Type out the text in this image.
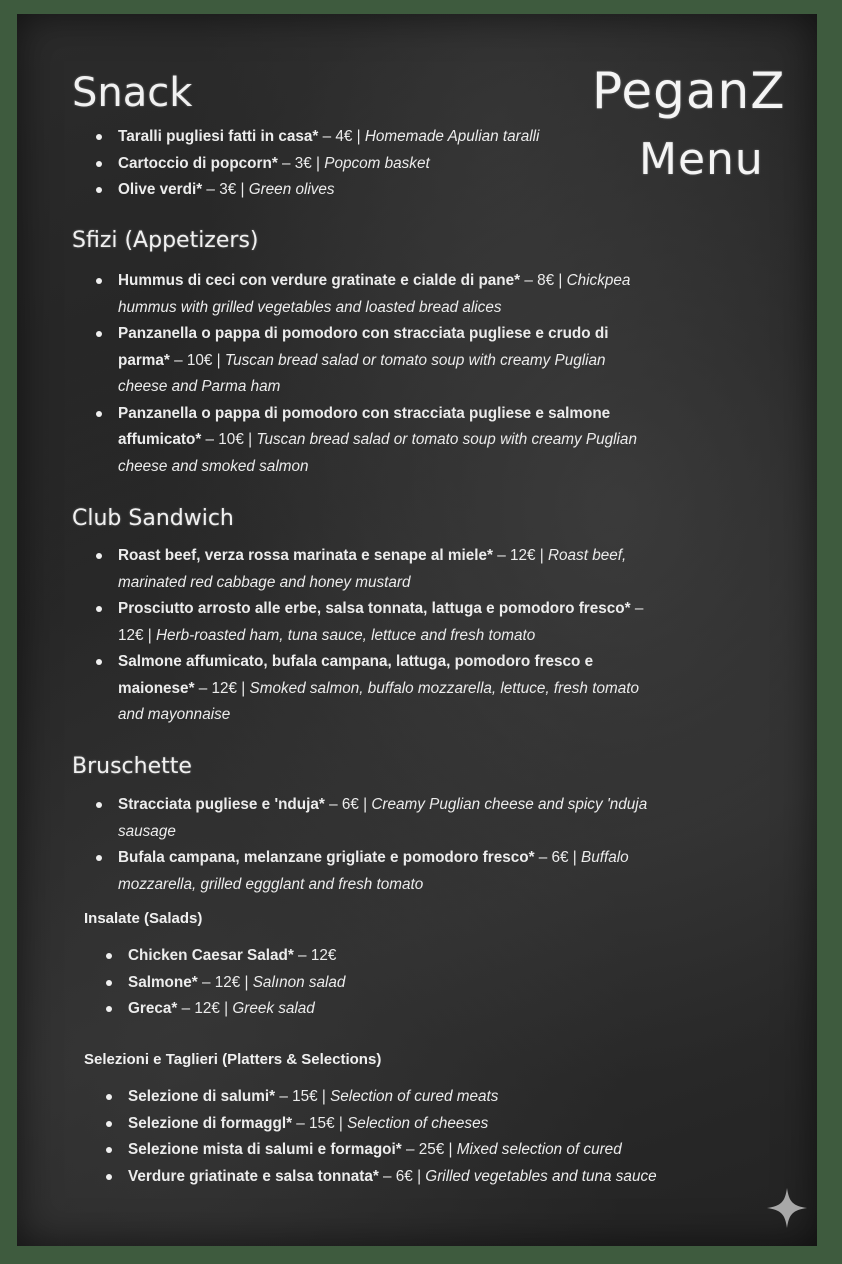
PeganZ
Menu
Snack
Taralli pugliesi fatti in casa* – 4€ | Homemade Apulian taralli
Cartoccio di popcorn* – 3€ | Popcom basket
Olive verdi* – 3€ | Green olives
Sfizi (Appetizers)
Hummus di ceci con verdure gratinate e cialde di pane* – 8€ | Chickpea hummus with grilled vegetables and loasted bread alices
Panzanella o pappa di pomodoro con stracciata pugliese e crudo di parma* – 10€ | Tuscan bread salad or tomato soup with creamy Puglian cheese and Parma ham
Panzanella o pappa di pomodoro con stracciata pugliese e salmone affumicato* – 10€ | Tuscan bread salad or tomato soup with creamy Puglian cheese and smoked salmon
Club Sandwich
Roast beef, verza rossa marinata e senape al miele* – 12€ | Roast beef, marinated red cabbage and honey mustard
Prosciutto arrosto alle erbe, salsa tonnata, lattuga e pomodoro fresco* – 12€ | Herb-roasted ham, tuna sauce, lettuce and fresh tomato
Salmone affumicato, bufala campana, lattuga, pomodoro fresco e maionese* – 12€ | Smoked salmon, buffalo mozzarella, lettuce, fresh tomato and mayonnaise
Bruschette
Stracciata pugliese e 'nduja* – 6€ | Creamy Puglian cheese and spicy 'nduja sausage
Bufala campana, melanzane grigliate e pomodoro fresco* – 6€ | Buffalo mozzarella, grilled eggglant and fresh tomato
Insalate (Salads)
Chicken Caesar Salad* – 12€
Salmone* – 12€ | Salınon salad
Greca* – 12€ | Greek salad
Selezioni e Taglieri (Platters & Selections)
Selezione di salumi* – 15€ | Selection of cured meats
Selezione di formaggl* – 15€ | Selection of cheeses
Selezione mista di salumi e formagoi* – 25€ | Mixed selection of cured
Verdure griatinate e salsa tonnata* – 6€ | Grilled vegetables and tuna sauce
